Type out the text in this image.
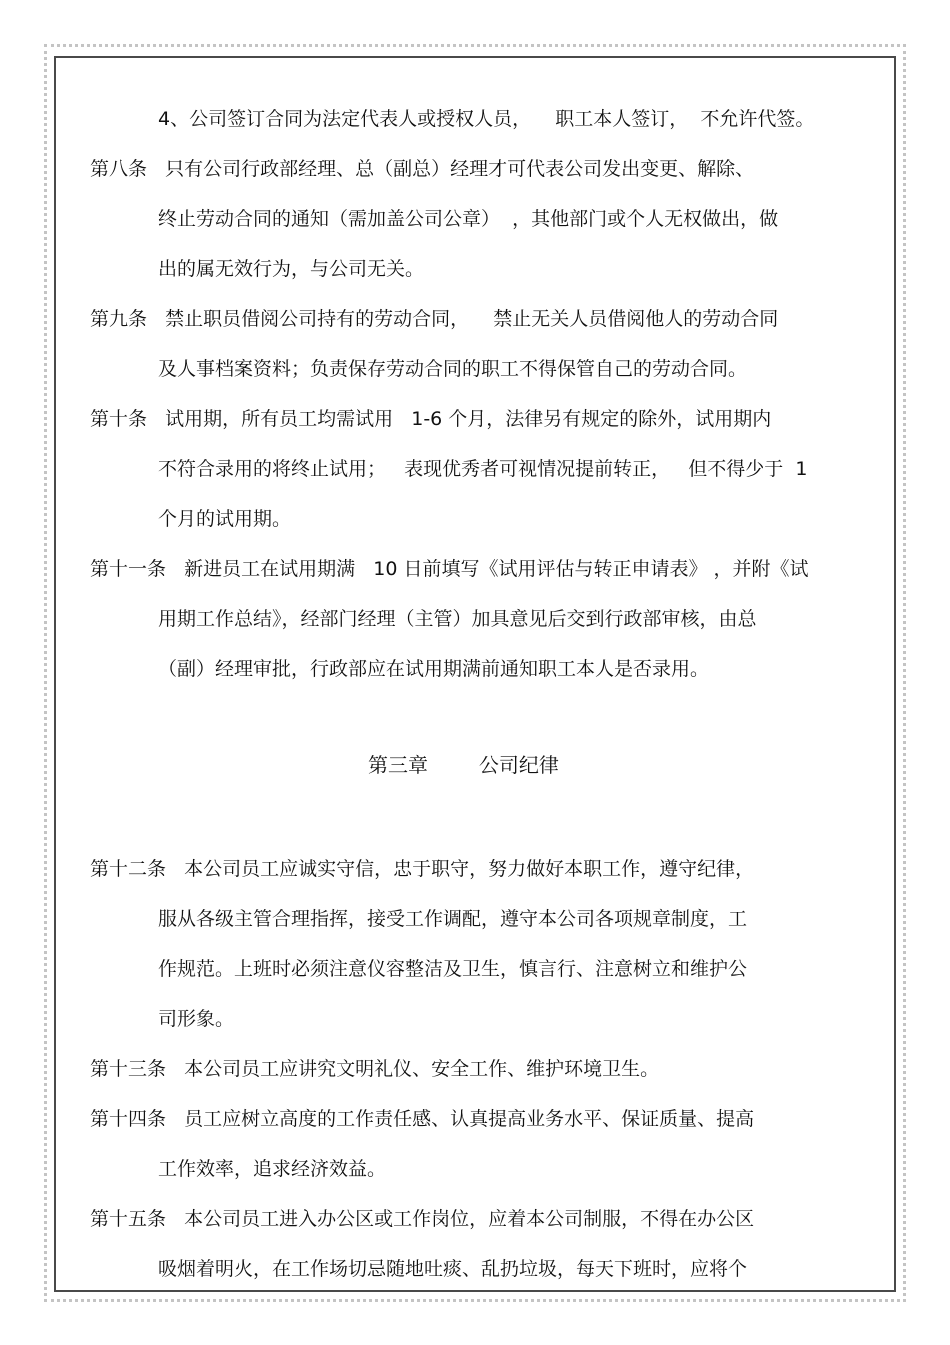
4、公司签订合同为法定代表人或授权人员，    职工本人签订，  不允许代签。

第八条   只有公司行政部经理、总（副总）经理才可代表公司发出变更、解除、

终止劳动合同的通知（需加盖公司公章）  ，其他部门或个人无权做出，做

出的属无效行为，与公司无关。

第九条   禁止职员借阅公司持有的劳动合同，    禁止无关人员借阅他人的劳动合同

及人事档案资料；负责保存劳动合同的职工不得保管自己的劳动合同。

第十条   试用期，所有员工均需试用   1-6 个月，法律另有规定的除外，试用期内

不符合录用的将终止试用；   表现优秀者可视情况提前转正，   但不得少于  1

个月的试用期。

第十一条   新进员工在试用期满   10 日前填写《试用评估与转正申请表》 ，并附《试

用期工作总结》，经部门经理（主管）加具意见后交到行政部审核，由总

（副）经理审批，行政部应在试用期满前通知职工本人是否录用。

第三章        公司纪律

第十二条   本公司员工应诚实守信，忠于职守，努力做好本职工作，遵守纪律，

服从各级主管合理指挥，接受工作调配，遵守本公司各项规章制度，工

作规范。上班时必须注意仪容整洁及卫生，慎言行、注意树立和维护公

司形象。

第十三条   本公司员工应讲究文明礼仪、安全工作、维护环境卫生。

第十四条   员工应树立高度的工作责任感、认真提高业务水平、保证质量、提高

工作效率，追求经济效益。

第十五条   本公司员工进入办公区或工作岗位，应着本公司制服，不得在办公区

吸烟着明火，在工作场切忌随地吐痰、乱扔垃圾，每天下班时，应将个
